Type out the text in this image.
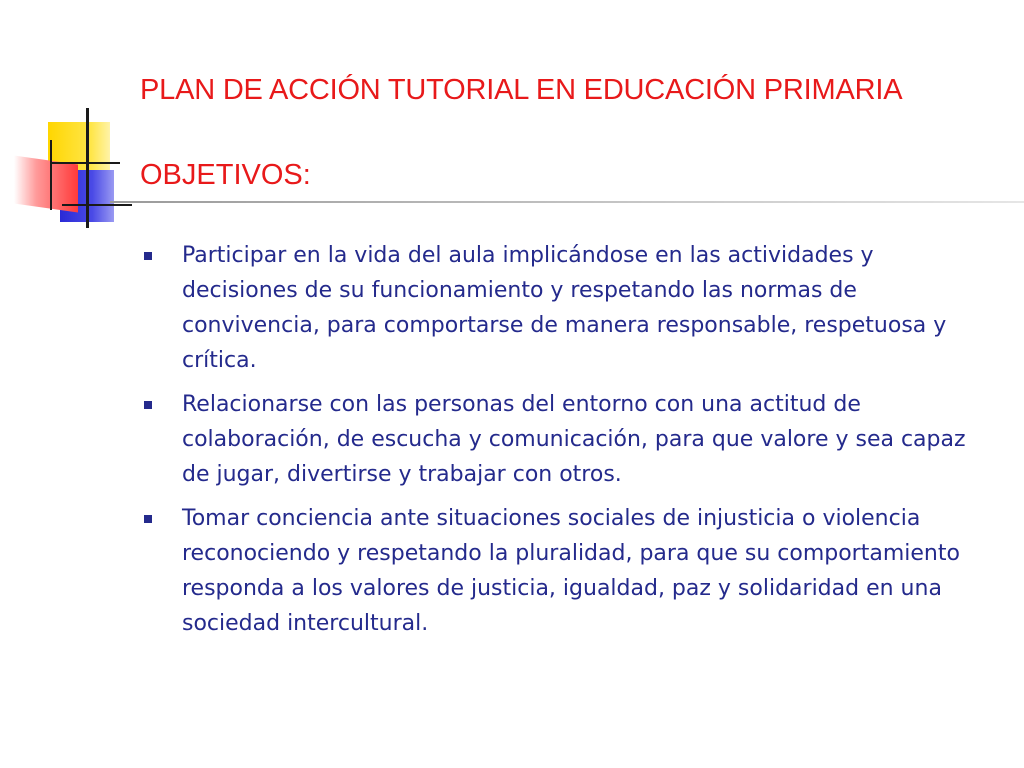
PLAN DE ACCIÓN TUTORIAL EN EDUCACIÓN PRIMARIA
OBJETIVOS:
Participar en la vida del aula implicándose en las actividades y decisiones de su funcionamiento y respetando las normas de convivencia, para comportarse de manera responsable, respetuosa y crítica.
Relacionarse con las personas del entorno con una actitud de colaboración, de escucha y comunicación, para que valore y sea capaz de jugar, divertirse y trabajar con otros.
Tomar conciencia ante situaciones sociales de injusticia o violencia reconociendo y respetando la pluralidad, para que su comportamiento responda a los valores de justicia, igualdad, paz y solidaridad en una sociedad intercultural.
